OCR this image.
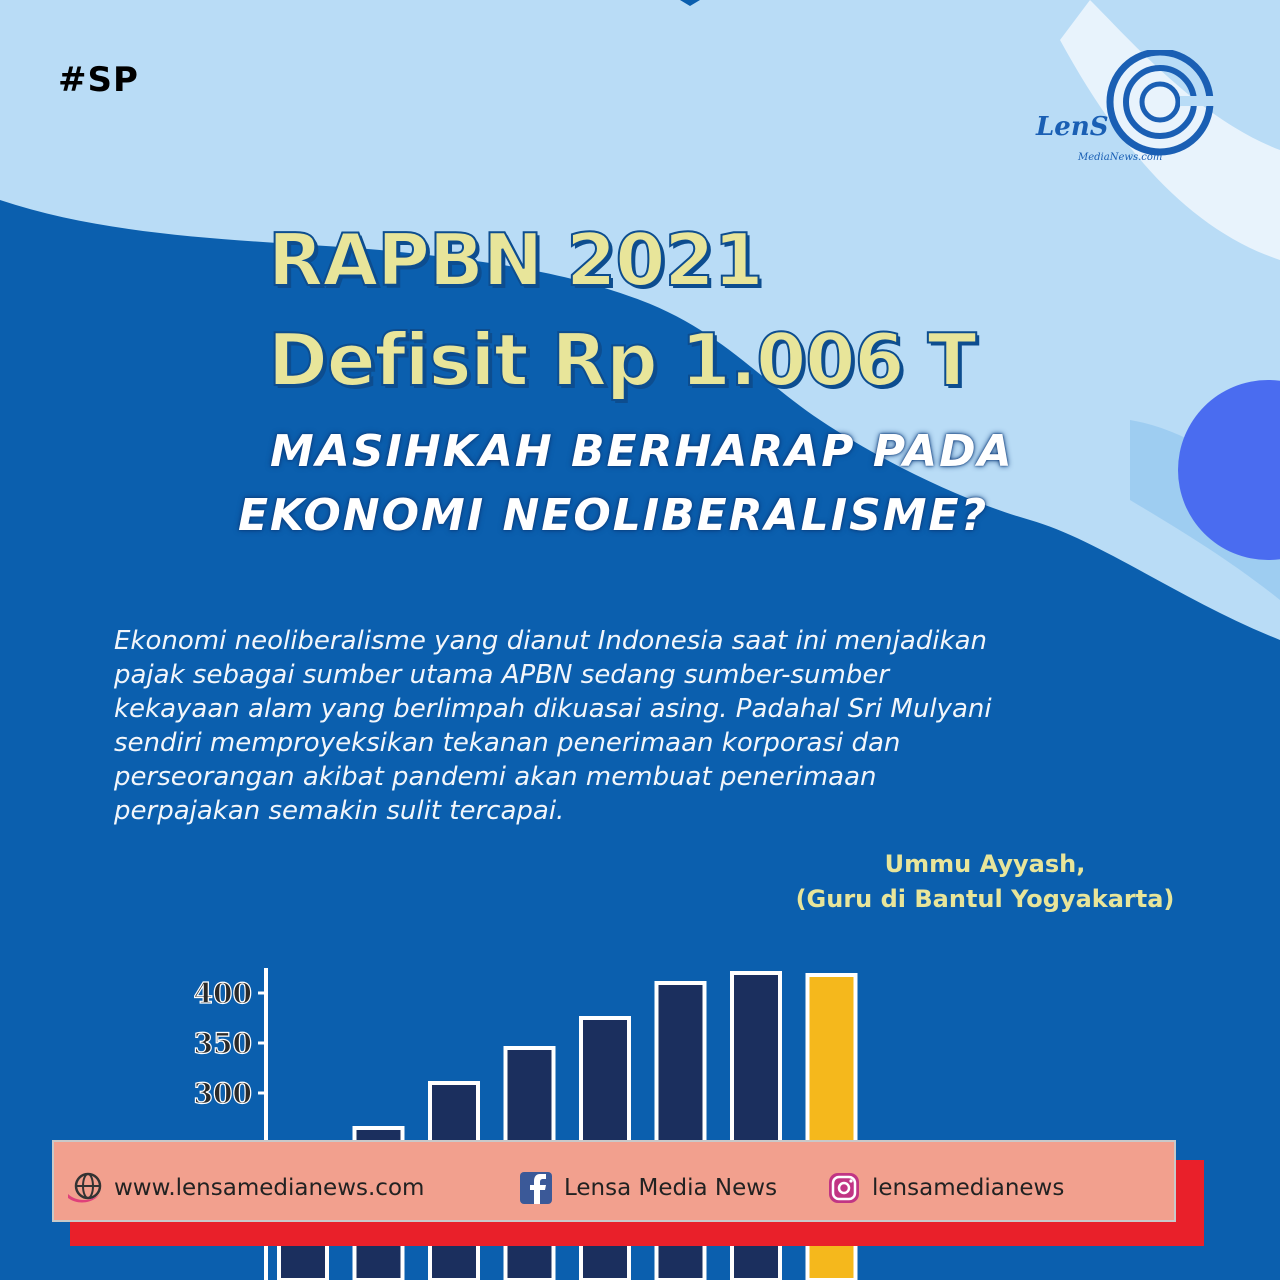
#SP
LenS
MediaNews.com
RAPBN 2021
Defisit Rp 1.006 T
MASIHKAH BERHARAP PADA
EKONOMI NEOLIBERALISME?
Ekonomi neoliberalisme yang dianut Indonesia saat ini menjadikan pajak sebagai sumber utama APBN sedang sumber-sumber kekayaan alam yang berlimpah dikuasai asing. Padahal Sri Mulyani sendiri memproyeksikan tekanan penerimaan korporasi dan perseorangan akibat pandemi akan membuat penerimaan perpajakan semakin sulit tercapai.
Ummu Ayyash,
(Guru di Bantul Yogyakarta)
400
350
300
www.lensamedianews.com	Lensa Media News	lensamedianews
